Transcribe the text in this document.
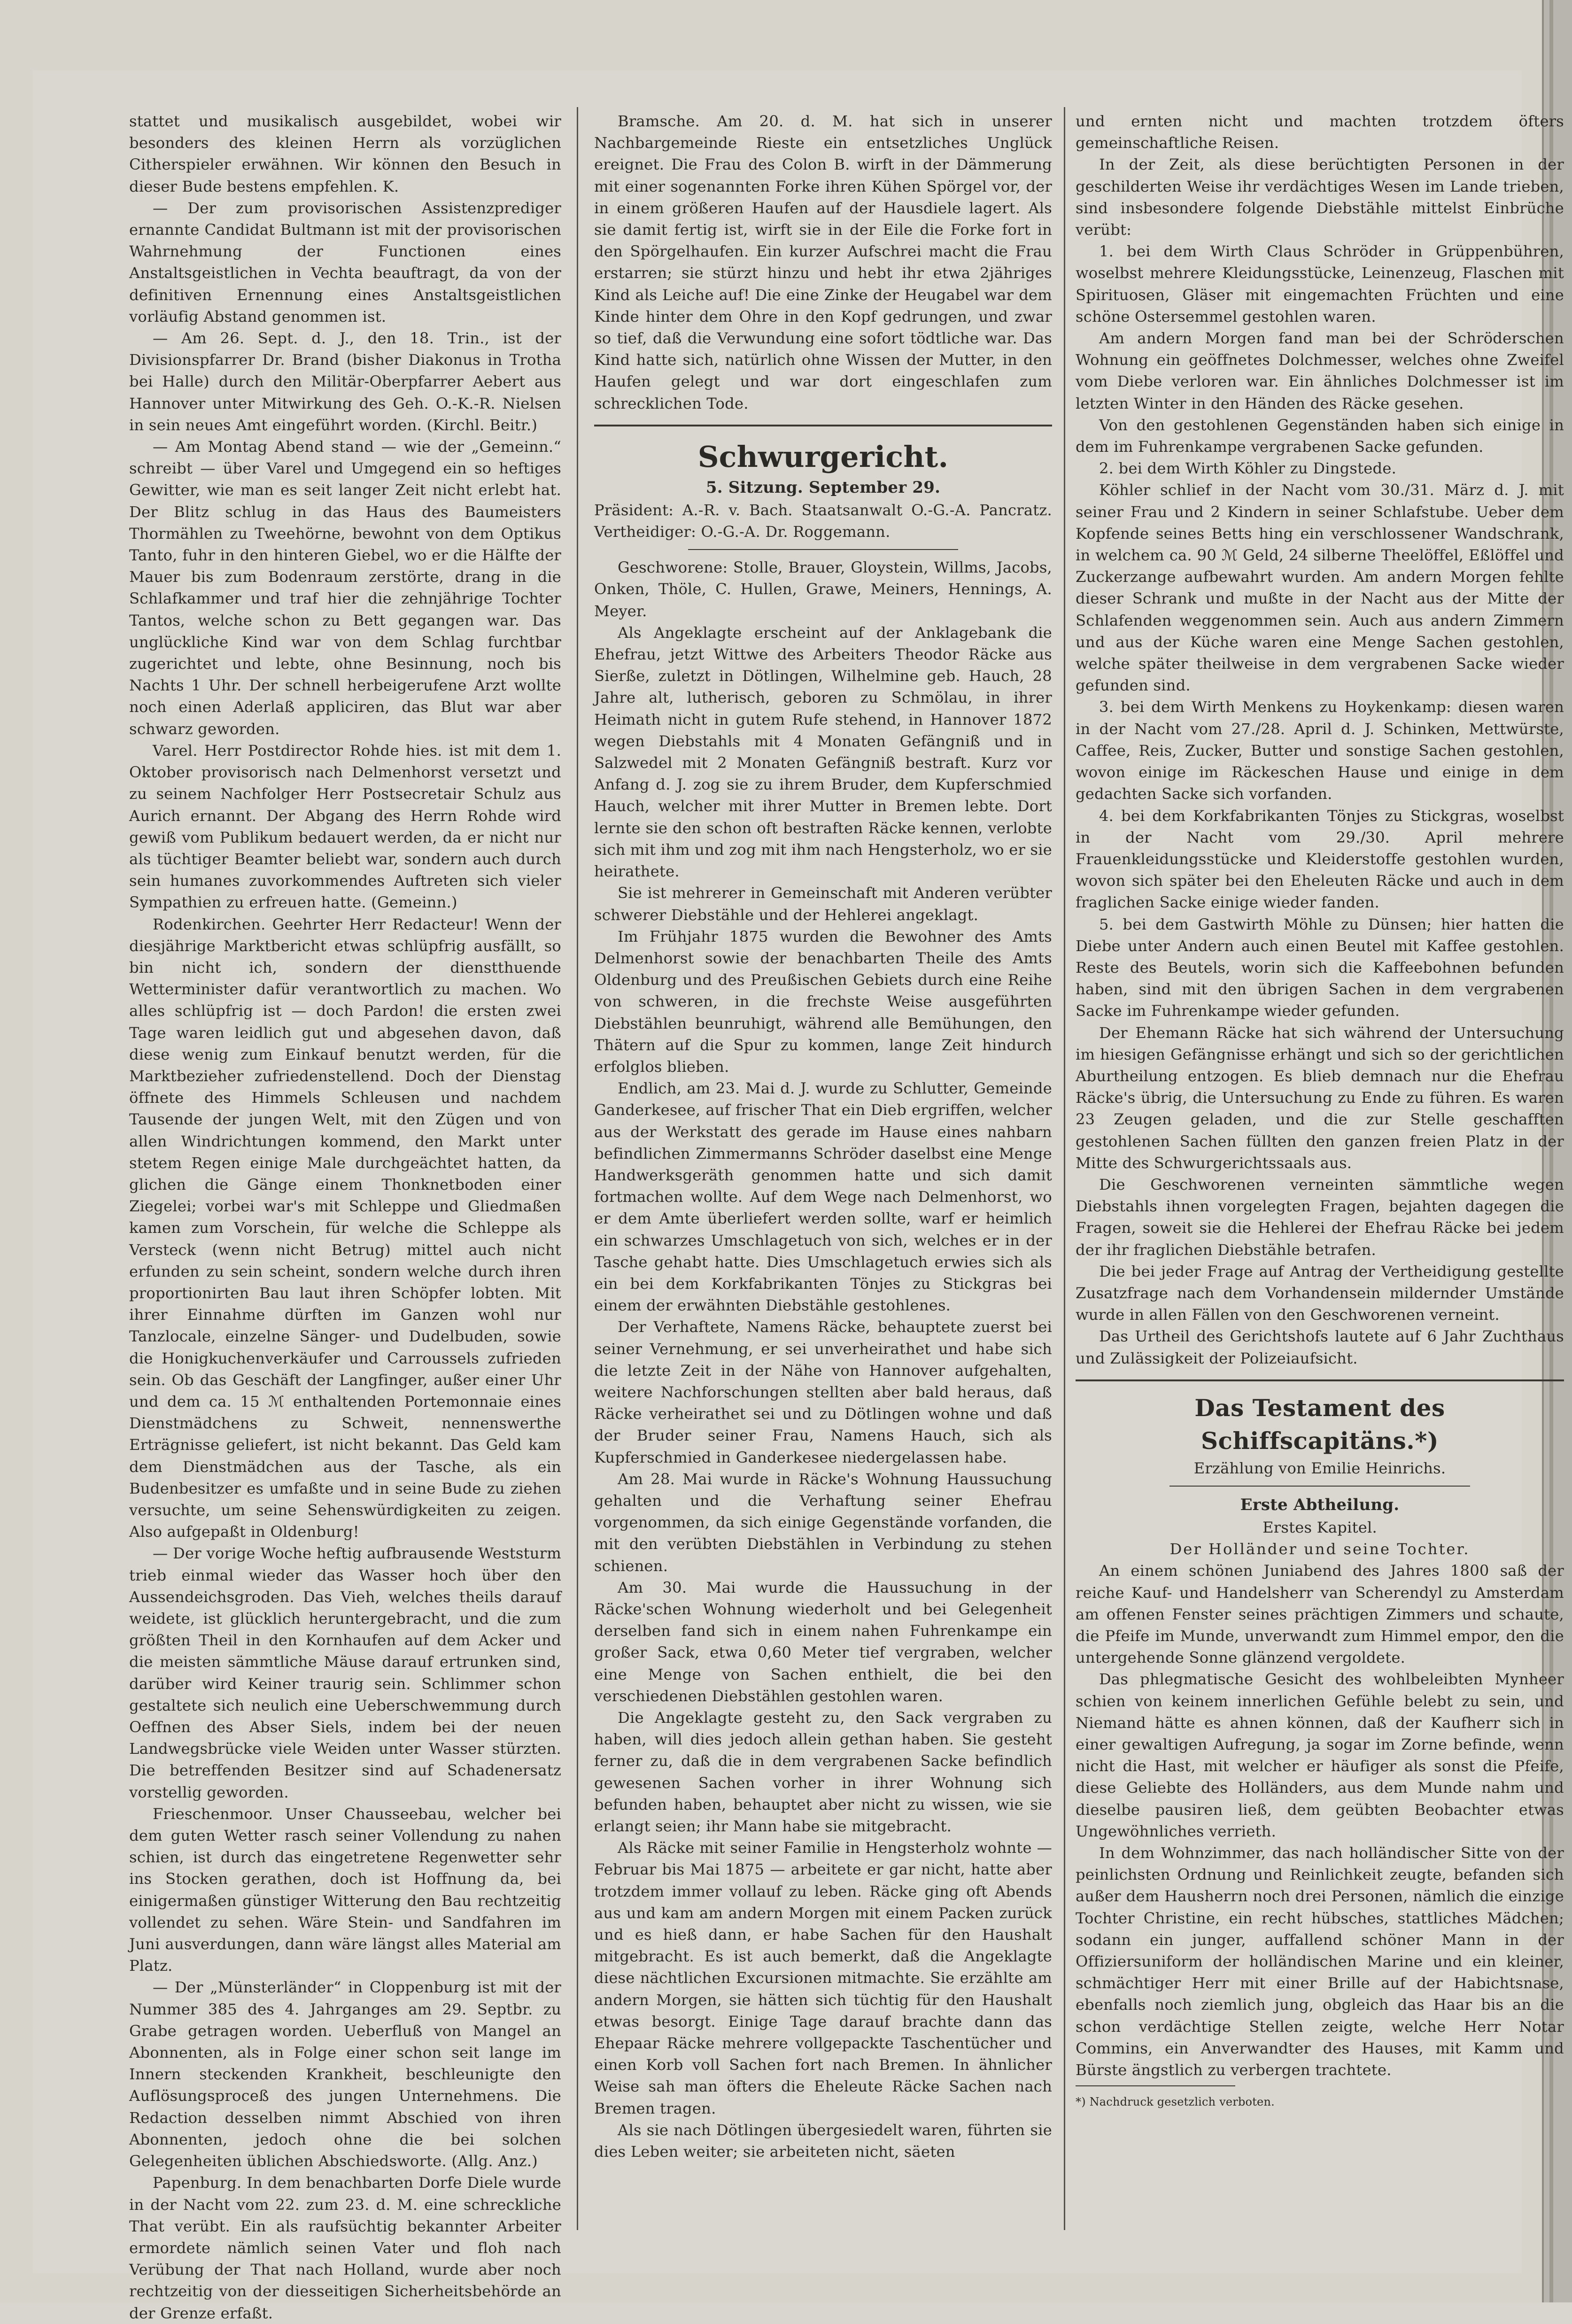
stattet und musikalisch ausgebildet, wobei wir besonders des kleinen Herrn als vorzüglichen Citherspieler erwähnen. Wir können den Besuch in dieser Bude bestens empfehlen. K.

— Der zum provisorischen Assistenzprediger ernannte Candidat Bultmann ist mit der provisorischen Wahrnehmung der Functionen eines Anstaltsgeistlichen in Vechta beauftragt, da von der definitiven Ernennung eines Anstaltsgeistlichen vorläufig Abstand genommen ist.

— Am 26. Sept. d. J., den 18. Trin., ist der Divisionspfarrer Dr. Brand (bisher Diakonus in Trotha bei Halle) durch den Militär-Oberpfarrer Aebert aus Hannover unter Mitwirkung des Geh. O.-K.-R. Nielsen in sein neues Amt eingeführt worden. (Kirchl. Beitr.)

— Am Montag Abend stand — wie der „Gemeinn.“ schreibt — über Varel und Umgegend ein so heftiges Gewitter, wie man es seit langer Zeit nicht erlebt hat. Der Blitz schlug in das Haus des Baumeisters Thormählen zu Tweehörne, bewohnt von dem Optikus Tanto, fuhr in den hinteren Giebel, wo er die Hälfte der Mauer bis zum Bodenraum zerstörte, drang in die Schlafkammer und traf hier die zehnjährige Tochter Tantos, welche schon zu Bett gegangen war. Das unglückliche Kind war von dem Schlag furchtbar zugerichtet und lebte, ohne Besinnung, noch bis Nachts 1 Uhr. Der schnell herbeigerufene Arzt wollte noch einen Aderlaß appliciren, das Blut war aber schwarz geworden.

Varel. Herr Postdirector Rohde hies. ist mit dem 1. Oktober provisorisch nach Delmenhorst versetzt und zu seinem Nachfolger Herr Postsecretair Schulz aus Aurich ernannt. Der Abgang des Herrn Rohde wird gewiß vom Publikum bedauert werden, da er nicht nur als tüchtiger Beamter beliebt war, sondern auch durch sein humanes zuvorkommendes Auftreten sich vieler Sympathien zu erfreuen hatte. (Gemeinn.)

Rodenkirchen. Geehrter Herr Redacteur! Wenn der diesjährige Marktbericht etwas schlüpfrig ausfällt, so bin nicht ich, sondern der dienstthuende Wetterminister dafür verantwortlich zu machen. Wo alles schlüpfrig ist — doch Pardon! die ersten zwei Tage waren leidlich gut und abgesehen davon, daß diese wenig zum Einkauf benutzt werden, für die Marktbezieher zufriedenstellend. Doch der Dienstag öffnete des Himmels Schleusen und nachdem Tausende der jungen Welt, mit den Zügen und von allen Windrichtungen kommend, den Markt unter stetem Regen einige Male durchgeächtet hatten, da glichen die Gänge einem Thonknetboden einer Ziegelei; vorbei war's mit Schleppe und Gliedmaßen kamen zum Vorschein, für welche die Schleppe als Versteck (wenn nicht Betrug) mittel auch nicht erfunden zu sein scheint, sondern welche durch ihren proportionirten Bau laut ihren Schöpfer lobten. Mit ihrer Einnahme dürften im Ganzen wohl nur Tanzlocale, einzelne Sänger- und Dudelbuden, sowie die Honigkuchenverkäufer und Carroussels zufrieden sein. Ob das Geschäft der Langfinger, außer einer Uhr und dem ca. 15 ℳ enthaltenden Portemonnaie eines Dienstmädchens zu Schweit, nennenswerthe Erträgnisse geliefert, ist nicht bekannt. Das Geld kam dem Dienstmädchen aus der Tasche, als ein Budenbesitzer es umfaßte und in seine Bude zu ziehen versuchte, um seine Sehenswürdigkeiten zu zeigen. Also aufgepaßt in Oldenburg!

— Der vorige Woche heftig aufbrausende Weststurm trieb einmal wieder das Wasser hoch über den Aussendeichsgroden. Das Vieh, welches theils darauf weidete, ist glücklich heruntergebracht, und die zum größten Theil in den Kornhaufen auf dem Acker und die meisten sämmtliche Mäuse darauf ertrunken sind, darüber wird Keiner traurig sein. Schlimmer schon gestaltete sich neulich eine Ueberschwemmung durch Oeffnen des Abser Siels, indem bei der neuen Landwegsbrücke viele Weiden unter Wasser stürzten. Die betreffenden Besitzer sind auf Schadenersatz vorstellig geworden.

Frieschenmoor. Unser Chausseebau, welcher bei dem guten Wetter rasch seiner Vollendung zu nahen schien, ist durch das eingetretene Regenwetter sehr ins Stocken gerathen, doch ist Hoffnung da, bei einigermaßen günstiger Witterung den Bau rechtzeitig vollendet zu sehen. Wäre Stein- und Sandfahren im Juni ausverdungen, dann wäre längst alles Material am Platz.

— Der „Münsterländer“ in Cloppenburg ist mit der Nummer 385 des 4. Jahrganges am 29. Septbr. zu Grabe getragen worden. Ueberfluß von Mangel an Abonnenten, als in Folge einer schon seit lange im Innern steckenden Krankheit, beschleunigte den Auflösungsproceß des jungen Unternehmens. Die Redaction desselben nimmt Abschied von ihren Abonnenten, jedoch ohne die bei solchen Gelegenheiten üblichen Abschiedsworte. (Allg. Anz.)

Papenburg. In dem benachbarten Dorfe Diele wurde in der Nacht vom 22. zum 23. d. M. eine schreckliche That verübt. Ein als raufsüchtig bekannter Arbeiter ermordete nämlich seinen Vater und floh nach Verübung der That nach Holland, wurde aber noch rechtzeitig von der diesseitigen Sicherheitsbehörde an der Grenze erfaßt.

Bramsche. Am 20. d. M. hat sich in unserer Nachbargemeinde Rieste ein entsetzliches Unglück ereignet. Die Frau des Colon B. wirft in der Dämmerung mit einer sogenannten Forke ihren Kühen Spörgel vor, der in einem größeren Haufen auf der Hausdiele lagert. Als sie damit fertig ist, wirft sie in der Eile die Forke fort in den Spörgelhaufen. Ein kurzer Aufschrei macht die Frau erstarren; sie stürzt hinzu und hebt ihr etwa 2jähriges Kind als Leiche auf! Die eine Zinke der Heugabel war dem Kinde hinter dem Ohre in den Kopf gedrungen, und zwar so tief, daß die Verwundung eine sofort tödtliche war. Das Kind hatte sich, natürlich ohne Wissen der Mutter, in den Haufen gelegt und war dort eingeschlafen zum schrecklichen Tode.

Schwurgericht.

5. Sitzung. September 29.

Präsident: A.-R. v. Bach. Staatsanwalt O.-G.-A. Pancratz. Vertheidiger: O.-G.-A. Dr. Roggemann.

Geschworene: Stolle, Brauer, Gloystein, Willms, Jacobs, Onken, Thöle, C. Hullen, Grawe, Meiners, Hennings, A. Meyer.

Als Angeklagte erscheint auf der Anklagebank die Ehefrau, jetzt Wittwe des Arbeiters Theodor Räcke aus Sierße, zuletzt in Dötlingen, Wilhelmine geb. Hauch, 28 Jahre alt, lutherisch, geboren zu Schmölau, in ihrer Heimath nicht in gutem Rufe stehend, in Hannover 1872 wegen Diebstahls mit 4 Monaten Gefängniß und in Salzwedel mit 2 Monaten Gefängniß bestraft. Kurz vor Anfang d. J. zog sie zu ihrem Bruder, dem Kupferschmied Hauch, welcher mit ihrer Mutter in Bremen lebte. Dort lernte sie den schon oft bestraften Räcke kennen, verlobte sich mit ihm und zog mit ihm nach Hengsterholz, wo er sie heirathete.

Sie ist mehrerer in Gemeinschaft mit Anderen verübter schwerer Diebstähle und der Hehlerei angeklagt.

Im Frühjahr 1875 wurden die Bewohner des Amts Delmenhorst sowie der benachbarten Theile des Amts Oldenburg und des Preußischen Gebiets durch eine Reihe von schweren, in die frechste Weise ausgeführten Diebstählen beunruhigt, während alle Bemühungen, den Thätern auf die Spur zu kommen, lange Zeit hindurch erfolglos blieben.

Endlich, am 23. Mai d. J. wurde zu Schlutter, Gemeinde Ganderkesee, auf frischer That ein Dieb ergriffen, welcher aus der Werkstatt des gerade im Hause eines nahbarn befindlichen Zimmermanns Schröder daselbst eine Menge Handwerksgeräth genommen hatte und sich damit fortmachen wollte. Auf dem Wege nach Delmenhorst, wo er dem Amte überliefert werden sollte, warf er heimlich ein schwarzes Umschlagetuch von sich, welches er in der Tasche gehabt hatte. Dies Umschlagetuch erwies sich als ein bei dem Korkfabrikanten Tönjes zu Stickgras bei einem der erwähnten Diebstähle gestohlenes.

Der Verhaftete, Namens Räcke, behauptete zuerst bei seiner Vernehmung, er sei unverheirathet und habe sich die letzte Zeit in der Nähe von Hannover aufgehalten, weitere Nachforschungen stellten aber bald heraus, daß Räcke verheirathet sei und zu Dötlingen wohne und daß der Bruder seiner Frau, Namens Hauch, sich als Kupferschmied in Ganderkesee niedergelassen habe.

Am 28. Mai wurde in Räcke's Wohnung Haussuchung gehalten und die Verhaftung seiner Ehefrau vorgenommen, da sich einige Gegenstände vorfanden, die mit den verübten Diebstählen in Verbindung zu stehen schienen.

Am 30. Mai wurde die Haussuchung in der Räcke'schen Wohnung wiederholt und bei Gelegenheit derselben fand sich in einem nahen Fuhrenkampe ein großer Sack, etwa 0,60 Meter tief vergraben, welcher eine Menge von Sachen enthielt, die bei den verschiedenen Diebstählen gestohlen waren.

Die Angeklagte gesteht zu, den Sack vergraben zu haben, will dies jedoch allein gethan haben. Sie gesteht ferner zu, daß die in dem vergrabenen Sacke befindlich gewesenen Sachen vorher in ihrer Wohnung sich befunden haben, behauptet aber nicht zu wissen, wie sie erlangt seien; ihr Mann habe sie mitgebracht.

Als Räcke mit seiner Familie in Hengsterholz wohnte — Februar bis Mai 1875 — arbeitete er gar nicht, hatte aber trotzdem immer vollauf zu leben. Räcke ging oft Abends aus und kam am andern Morgen mit einem Packen zurück und es hieß dann, er habe Sachen für den Haushalt mitgebracht. Es ist auch bemerkt, daß die Angeklagte diese nächtlichen Excursionen mitmachte. Sie erzählte am andern Morgen, sie hätten sich tüchtig für den Haushalt etwas besorgt. Einige Tage darauf brachte dann das Ehepaar Räcke mehrere vollgepackte Taschentücher und einen Korb voll Sachen fort nach Bremen. In ähnlicher Weise sah man öfters die Eheleute Räcke Sachen nach Bremen tragen.

Als sie nach Dötlingen übergesiedelt waren, führten sie dies Leben weiter; sie arbeiteten nicht, säeten

und ernten nicht und machten trotzdem öfters gemeinschaftliche Reisen.

In der Zeit, als diese berüchtigten Personen in der geschilderten Weise ihr verdächtiges Wesen im Lande trieben, sind insbesondere folgende Diebstähle mittelst Einbrüche verübt:

1. bei dem Wirth Claus Schröder in Grüppenbühren, woselbst mehrere Kleidungsstücke, Leinenzeug, Flaschen mit Spirituosen, Gläser mit eingemachten Früchten und eine schöne Ostersemmel gestohlen waren.

Am andern Morgen fand man bei der Schröderschen Wohnung ein geöffnetes Dolchmesser, welches ohne Zweifel vom Diebe verloren war. Ein ähnliches Dolchmesser ist im letzten Winter in den Händen des Räcke gesehen.

Von den gestohlenen Gegenständen haben sich einige in dem im Fuhrenkampe vergrabenen Sacke gefunden.

2. bei dem Wirth Köhler zu Dingstede.

Köhler schlief in der Nacht vom 30./31. März d. J. mit seiner Frau und 2 Kindern in seiner Schlafstube. Ueber dem Kopfende seines Betts hing ein verschlossener Wandschrank, in welchem ca. 90 ℳ Geld, 24 silberne Theelöffel, Eßlöffel und Zuckerzange aufbewahrt wurden. Am andern Morgen fehlte dieser Schrank und mußte in der Nacht aus der Mitte der Schlafenden weggenommen sein. Auch aus andern Zimmern und aus der Küche waren eine Menge Sachen gestohlen, welche später theilweise in dem vergrabenen Sacke wieder gefunden sind.

3. bei dem Wirth Menkens zu Hoykenkamp: diesen waren in der Nacht vom 27./28. April d. J. Schinken, Mettwürste, Caffee, Reis, Zucker, Butter und sonstige Sachen gestohlen, wovon einige im Räckeschen Hause und einige in dem gedachten Sacke sich vorfanden.

4. bei dem Korkfabrikanten Tönjes zu Stickgras, woselbst in der Nacht vom 29./30. April mehrere Frauenkleidungsstücke und Kleiderstoffe gestohlen wurden, wovon sich später bei den Eheleuten Räcke und auch in dem fraglichen Sacke einige wieder fanden.

5. bei dem Gastwirth Möhle zu Dünsen; hier hatten die Diebe unter Andern auch einen Beutel mit Kaffee gestohlen. Reste des Beutels, worin sich die Kaffeebohnen befunden haben, sind mit den übrigen Sachen in dem vergrabenen Sacke im Fuhrenkampe wieder gefunden.

Der Ehemann Räcke hat sich während der Untersuchung im hiesigen Gefängnisse erhängt und sich so der gerichtlichen Aburtheilung entzogen. Es blieb demnach nur die Ehefrau Räcke's übrig, die Untersuchung zu Ende zu führen. Es waren 23 Zeugen geladen, und die zur Stelle geschafften gestohlenen Sachen füllten den ganzen freien Platz in der Mitte des Schwurgerichtssaals aus.

Die Geschworenen verneinten sämmtliche wegen Diebstahls ihnen vorgelegten Fragen, bejahten dagegen die Fragen, soweit sie die Hehlerei der Ehefrau Räcke bei jedem der ihr fraglichen Diebstähle betrafen.

Die bei jeder Frage auf Antrag der Vertheidigung gestellte Zusatzfrage nach dem Vorhandensein mildernder Umstände wurde in allen Fällen von den Geschworenen verneint.

Das Urtheil des Gerichtshofs lautete auf 6 Jahr Zuchthaus und Zulässigkeit der Polizeiaufsicht.

Das Testament des Schiffscapitäns.*)

Erzählung von Emilie Heinrichs.

Erste Abtheilung.

Erstes Kapitel.

Der Holländer und seine Tochter.

An einem schönen Juniabend des Jahres 1800 saß der reiche Kauf- und Handelsherr van Scherendyl zu Amsterdam am offenen Fenster seines prächtigen Zimmers und schaute, die Pfeife im Munde, unverwandt zum Himmel empor, den die untergehende Sonne glänzend vergoldete.

Das phlegmatische Gesicht des wohlbeleibten Mynheer schien von keinem innerlichen Gefühle belebt zu sein, und Niemand hätte es ahnen können, daß der Kaufherr sich in einer gewaltigen Aufregung, ja sogar im Zorne befinde, wenn nicht die Hast, mit welcher er häufiger als sonst die Pfeife, diese Geliebte des Holländers, aus dem Munde nahm und dieselbe pausiren ließ, dem geübten Beobachter etwas Ungewöhnliches verrieth.

In dem Wohnzimmer, das nach holländischer Sitte von der peinlichsten Ordnung und Reinlichkeit zeugte, befanden sich außer dem Hausherrn noch drei Personen, nämlich die einzige Tochter Christine, ein recht hübsches, stattliches Mädchen; sodann ein junger, auffallend schöner Mann in der Offiziersuniform der holländischen Marine und ein kleiner, schmächtiger Herr mit einer Brille auf der Habichtsnase, ebenfalls noch ziemlich jung, obgleich das Haar bis an die schon verdächtige Stellen zeigte, welche Herr Notar Commins, ein Anverwandter des Hauses, mit Kamm und Bürste ängstlich zu verbergen trachtete.

*) Nachdruck gesetzlich verboten.
